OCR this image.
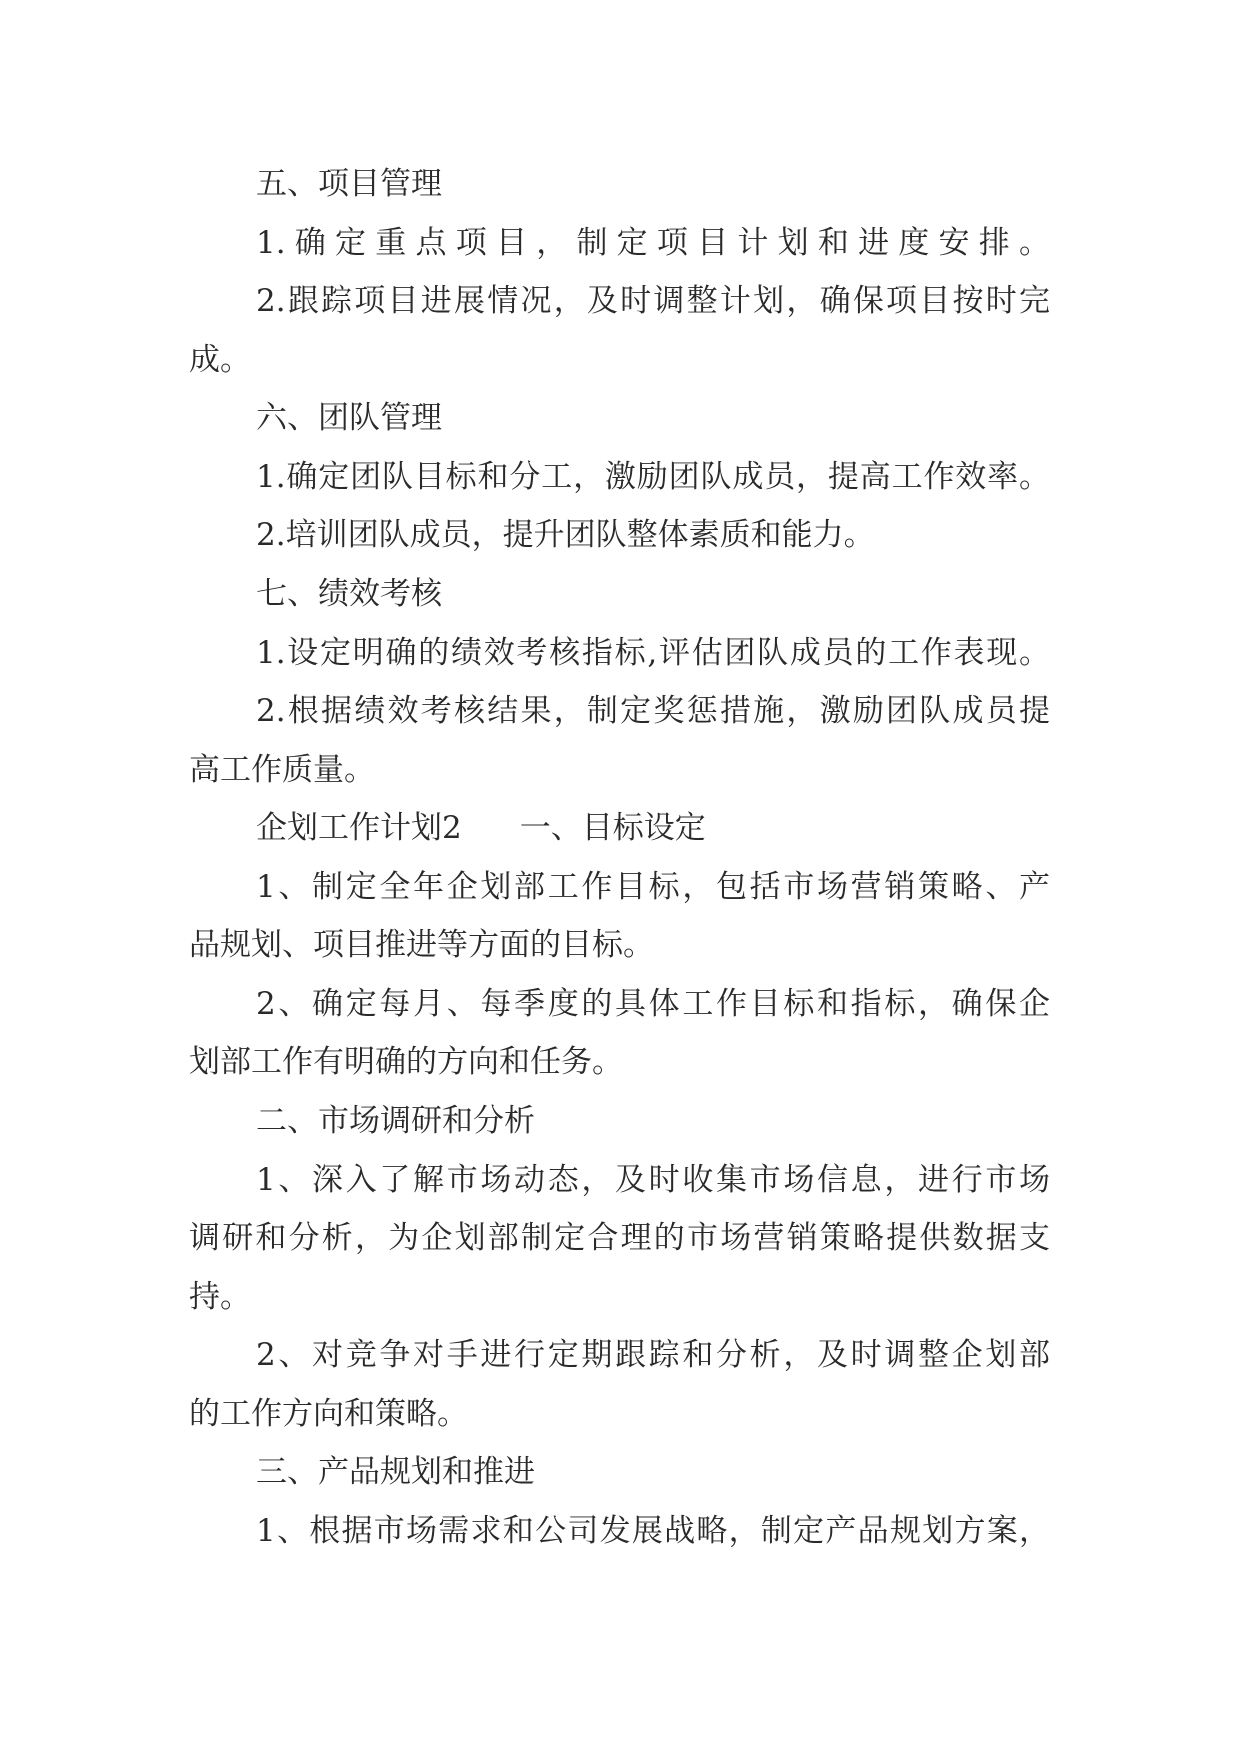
五、项目管理

1.确定重点项目，制定项目计划和进度安排。

2.跟踪项目进展情况，及时调整计划，确保项目按时完

成。

六、团队管理

1.确定团队目标和分工，激励团队成员，提高工作效率。

2.培训团队成员，提升团队整体素质和能力。

七、绩效考核

1.设定明确的绩效考核指标,评估团队成员的工作表现。

2.根据绩效考核结果，制定奖惩措施，激励团队成员提

高工作质量。

企划工作计划2 一、目标设定

1、制定全年企划部工作目标，包括市场营销策略、产

品规划、项目推进等方面的目标。

2、确定每月、每季度的具体工作目标和指标，确保企

划部工作有明确的方向和任务。

二、市场调研和分析

1、深入了解市场动态，及时收集市场信息，进行市场

调研和分析，为企划部制定合理的市场营销策略提供数据支

持。

2、对竞争对手进行定期跟踪和分析，及时调整企划部

的工作方向和策略。

三、产品规划和推进

1、根据市场需求和公司发展战略，制定产品规划方案，
